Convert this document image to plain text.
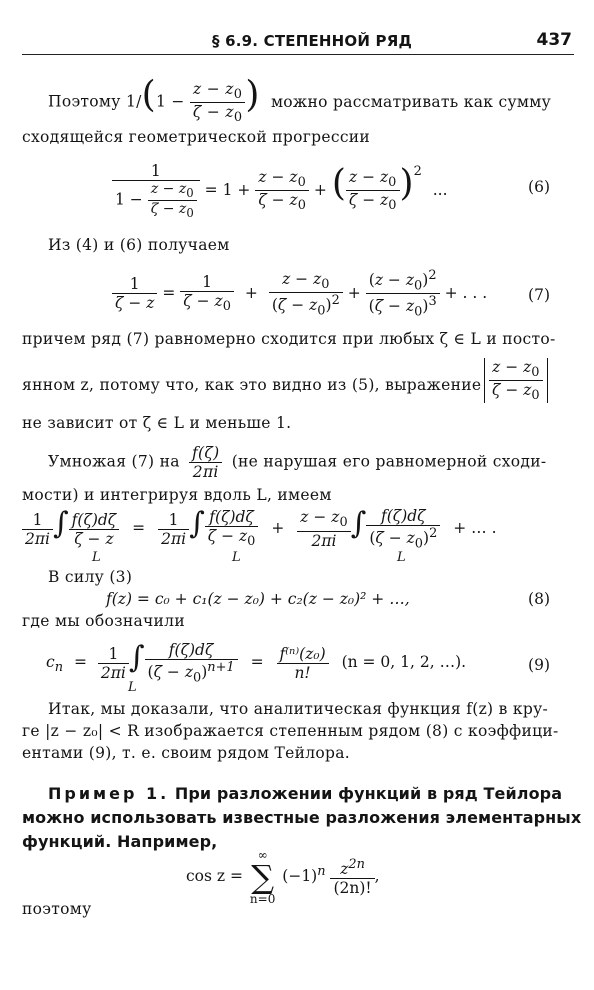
§ 6.9. СТЕПЕННОЙ РЯД	437
Поэтому $1/(1 - \frac{z - z_0}{\zeta - z_0}$ ) можно рассматривать как сумму
сходящейся геометрической прогрессии
$\frac{1}{1 - \frac{z - z_0}{\zeta - z_0}} = 1 + \frac{z - z_0}{\zeta - z_0}$ + ( $\frac{z - z_0}{\zeta - z_0} )^2$ ...	(6)
Из (4) и (6) получаем
$\frac{1}{\zeta - z} = \frac{1}{\zeta - z_0} + \frac{z - z_0}{(\zeta - z_0)^2} + \frac{(z - z_0)^2}{(\zeta - z_0)^3}$ + . . .	(7)
причем ряд (7) равномерно сходится при любых ζ ∈ L и посто-
янном z, потому что, как это видно из (5), выражение $\frac{z - z_0}{\zeta - z_0}$
не зависит от ζ ∈ L и меньше 1.
Умножая (7) на $\frac{f(\zeta)}{2\pi i} (не$ нарушая его равномерной сходи-
мости) и интегрируя вдоль L, имеем
$\frac{1}{2\pi i}$ ∫ $\frac{f(\zeta)d\zeta}{\zeta - z} = \frac{1}{2\pi i}$ ∫ $\frac{f(\zeta)d\zeta}{\zeta - z_0} + \frac{z - z_0}{2\pi i}$ ∫ $\frac{f(\zeta)d\zeta}{(\zeta - z_0)^2}$ + … .
L	L	L
В силу (3)
f(z) = c₀ + c₁(z − z₀) + c₂(z − z₀)² + …,	(8)
где мы обозначили
$c_n = \frac{1}{2\pi i}$ ∫ $\frac{f(\zeta)d\zeta}{(\zeta - z_0)^{n+1}} = \frac{\text{f⁽ⁿ⁾(z₀)}}{n!} (n = 0$, 1, 2, …).
L
(9)
Итак, мы доказали, что аналитическая функция f(z) в кру-
ге |z − z₀| < R изображается степенным рядом (8) с коэффици-
ентами (9), т. е. своим рядом Тейлора.
Пример 1. При разложении функций в ряд Тейлора
можно использовать известные разложения элементарных
функций. Например,
cos z =
∞
∑
n=0
$(-1)^n \frac{z^{2n}}{(2n)!}$ ,
поэтому
